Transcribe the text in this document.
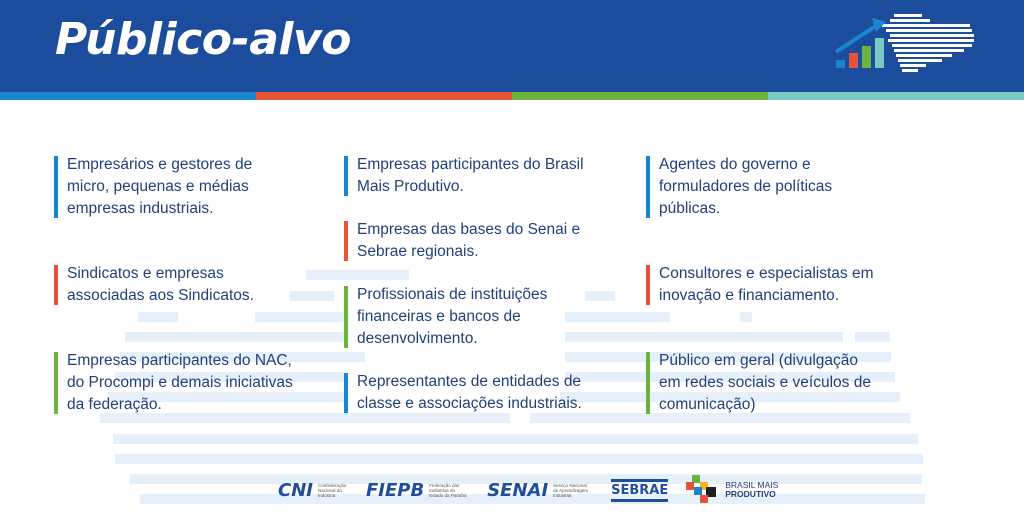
Público-alvo
Empresários e gestores de micro, pequenas e médias empresas industriais.
Sindicatos e empresas associadas aos Sindicatos.
Empresas participantes do NAC, do Procompi e demais iniciativas da federação.
Empresas participantes do Brasil Mais Produtivo.
Empresas das bases do Senai e Sebrae regionais.
Profissionais de instituições financeiras e bancos de desenvolvimento.
Representantes de entidades de classe e associações industriais.
Agentes do governo e formuladores de políticas públicas.
Consultores e especialistas em inovação e financiamento.
Público em geral (divulgação em redes sociais e veículos de comunicação)
CNI Confederação Nacional da Indústria	FIEPB Federação das Indústrias do Estado da Paraíba SENAI Serviço Nacional de Aprendizagem Industrial	SEBRAE	BRASIL MAIS
PRODUTIVO
